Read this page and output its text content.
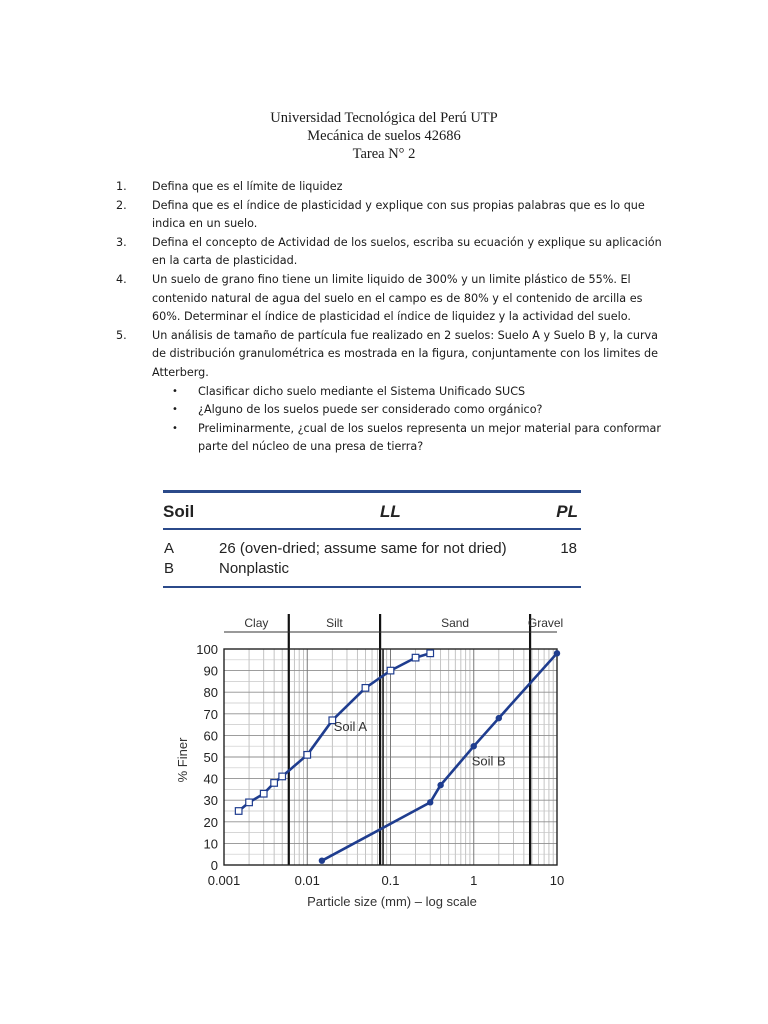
Universidad Tecnológica del Perú UTP
Mecánica de suelos 42686
Tarea N° 2
1.	Defina que es el límite de liquidez
2.	Defina que es el índice de plasticidad y explique con sus propias palabras que es lo que indica en un suelo.
3.	Defina el concepto de Actividad de los suelos, escriba su ecuación y explique su aplicación en la carta de plasticidad.
4.	Un suelo de grano fino tiene un limite liquido de 300% y un limite plástico de 55%. El contenido natural de agua del suelo en el campo es de 80% y el contenido de arcilla es 60%. Determinar el índice de plasticidad el índice de liquidez y la actividad del suelo.
5.	Un análisis de tamaño de partícula fue realizado en 2 suelos: Suelo A y Suelo B y, la curva de distribución granulométrica es mostrada en la figura, conjuntamente con los limites de Atterberg.
•	Clasificar dicho suelo mediante el Sistema Unificado SUCS
•	¿Alguno de los suelos puede ser considerado como orgánico?
•	Preliminarmente, ¿cual de los suelos representa un mejor material para conformar parte del núcleo de una presa de tierra?
Soil	LL	PL
A	26 (oven-dried; assume same for not dried)	18
B	Nonplastic
Clay	Silt	Sand	Gravel
Soil A
Soil B
0
10
20
30
40
50
60
70
80
90
100
0.001	0.01	0.1	1	10
% Finer
Particle size (mm) – log scale
